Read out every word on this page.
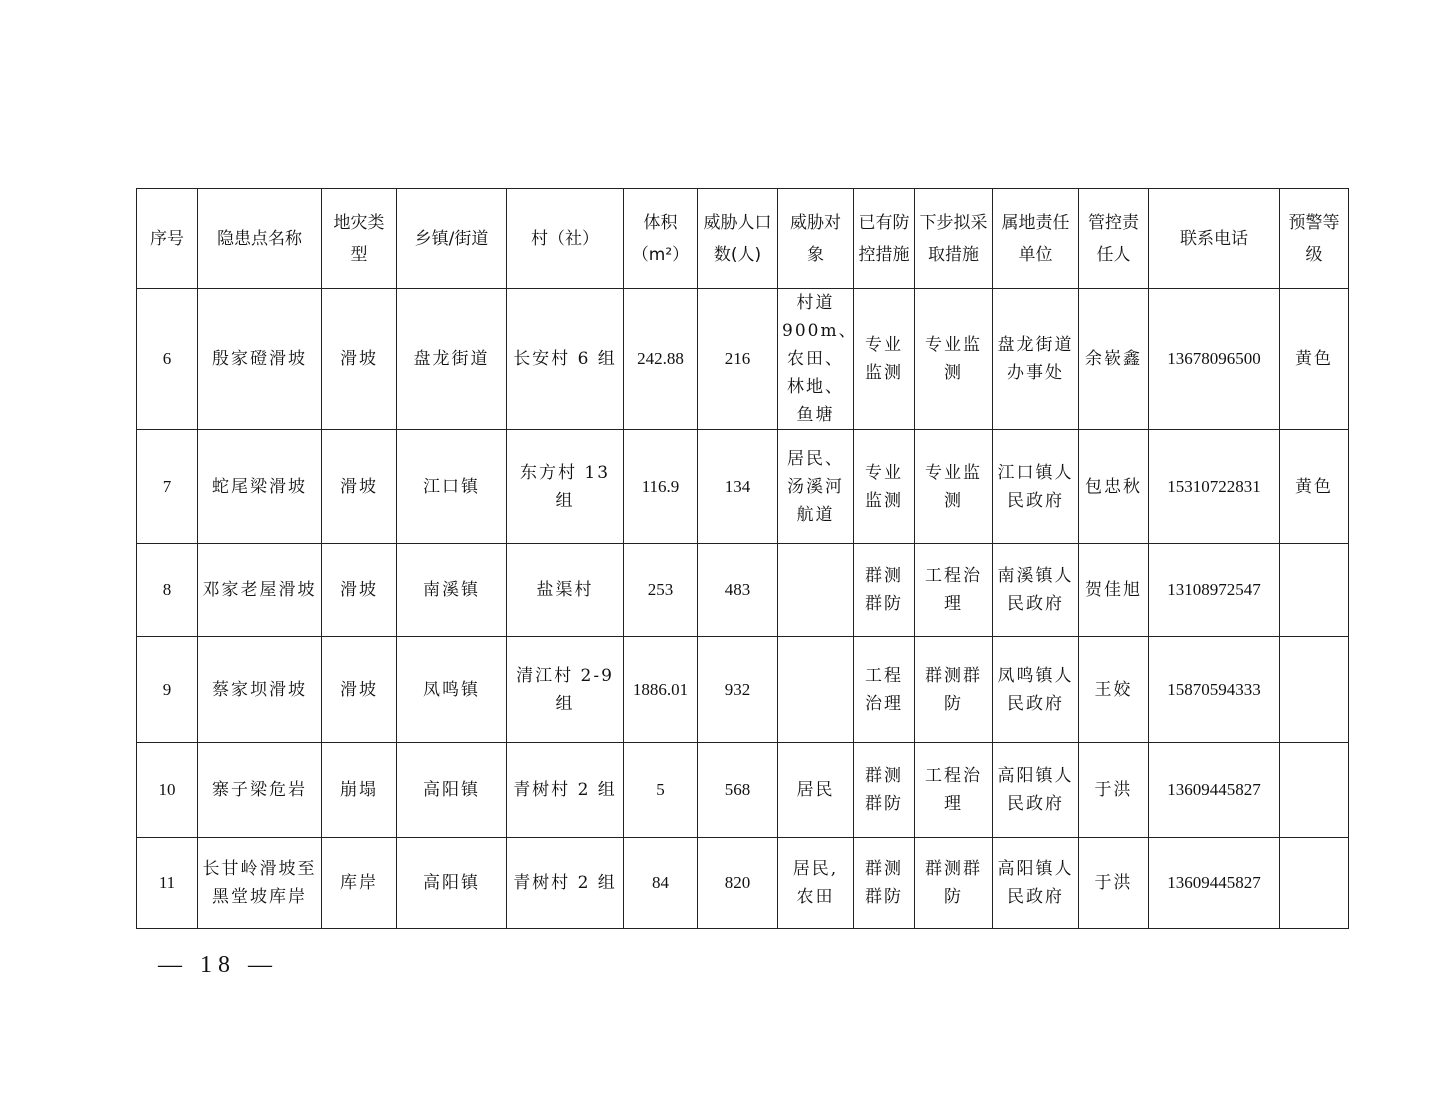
序号	隐患点名称	地灾类型	乡镇/街道	村（社）	体积（m²）	威胁人口数(人)	威胁对象	已有防控措施	下步拟采取措施	属地责任单位	管控责任人	联系电话	预警等级
6	殷家磴滑坡	滑坡	盘龙街道	长安村 6 组	242.88	216	村道 900m、农田、林地、鱼塘	专业监测	专业监测	盘龙街道办事处	余嵚鑫	13678096500	黄色
7	蛇尾梁滑坡	滑坡	江口镇	东方村 13 组	116.9	134	居民、汤溪河航道	专业监测	专业监测	江口镇人民政府	包忠秋	15310722831	黄色
8	邓家老屋滑坡	滑坡	南溪镇	盐渠村	253	483		群测群防	工程治理	南溪镇人民政府	贺佳旭	13108972547	
9	蔡家坝滑坡	滑坡	凤鸣镇	清江村 2-9 组	1886.01	932		工程治理	群测群防	凤鸣镇人民政府	王姣	15870594333	
10	寨子梁危岩	崩塌	高阳镇	青树村 2 组	5	568	居民	群测群防	工程治理	高阳镇人民政府	于洪	13609445827	
11	长甘岭滑坡至黑堂坡库岸	库岸	高阳镇	青树村 2 组	84	820	居民, 农田	群测群防	群测群防	高阳镇人民政府	于洪	13609445827	
— 18 —
